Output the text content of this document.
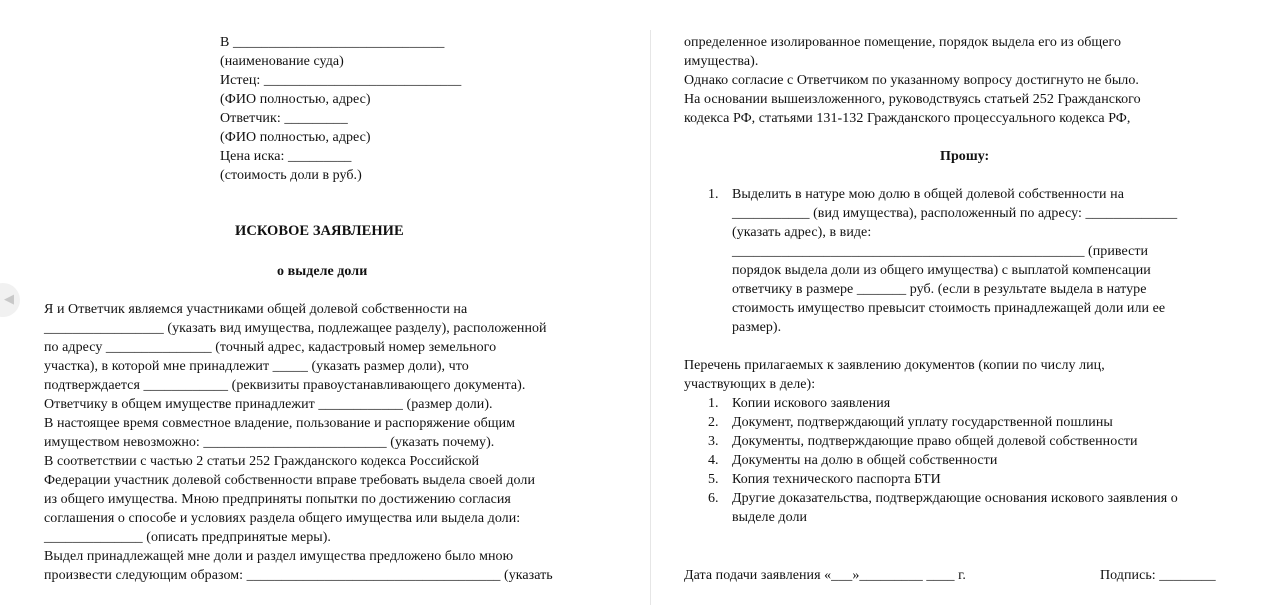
◀
В ______________________________
(наименование суда)
Истец: ____________________________
(ФИО полностью, адрес)
Ответчик: _________
(ФИО полностью, адрес)
Цена иска: _________
(стоимость доли в руб.)
ИСКОВОЕ ЗАЯВЛЕНИЕ
о выделе доли
Я и Ответчик являемся участниками общей долевой собственности на
_________________ (указать вид имущества, подлежащее разделу), расположенной
по адресу _______________ (точный адрес, кадастровый номер земельного
участка), в которой мне принадлежит _____ (указать размер доли), что
подтверждается ____________ (реквизиты правоустанавливающего документа).
Ответчику в общем имуществе принадлежит ____________ (размер доли).
В настоящее время совместное владение, пользование и распоряжение общим
имуществом невозможно: __________________________ (указать почему).
В соответствии с частью 2 статьи 252 Гражданского кодекса Российской
Федерации участник долевой собственности вправе требовать выдела своей доли
из общего имущества. Мною предприняты попытки по достижению согласия
соглашения о способе и условиях раздела общего имущества или выдела доли:
______________ (описать предпринятые меры).
Выдел принадлежащей мне доли и раздел имущества предложено было мною
произвести следующим образом: ____________________________________ (указать
определенное изолированное помещение, порядок выдела его из общего
имущества).
Однако согласие с Ответчиком по указанному вопросу достигнуто не было.
На основании вышеизложенного, руководствуясь статьей 252 Гражданского
кодекса РФ, статьями 131-132 Гражданского процессуального кодекса РФ,
Прошу:
1. Выделить в натуре мою долю в общей долевой собственности на
___________ (вид имущества), расположенный по адресу: _____________
(указать адрес), в виде:
__________________________________________________ (привести
порядок выдела доли из общего имущества) с выплатой компенсации
ответчику в размере _______ руб. (если в результате выдела в натуре
стоимость имущество превысит стоимость принадлежащей доли или ее
размер).
Перечень прилагаемых к заявлению документов (копии по числу лиц,
участвующих в деле):
1. Копии искового заявления
2. Документ, подтверждающий уплату государственной пошлины
3. Документы, подтверждающие право общей долевой собственности
4. Документы на долю в общей собственности
5. Копия технического паспорта БТИ
6. Другие доказательства, подтверждающие основания искового заявления о
выделе доли
Дата подачи заявления «___»_________ ____ г.	Подпись: ________
